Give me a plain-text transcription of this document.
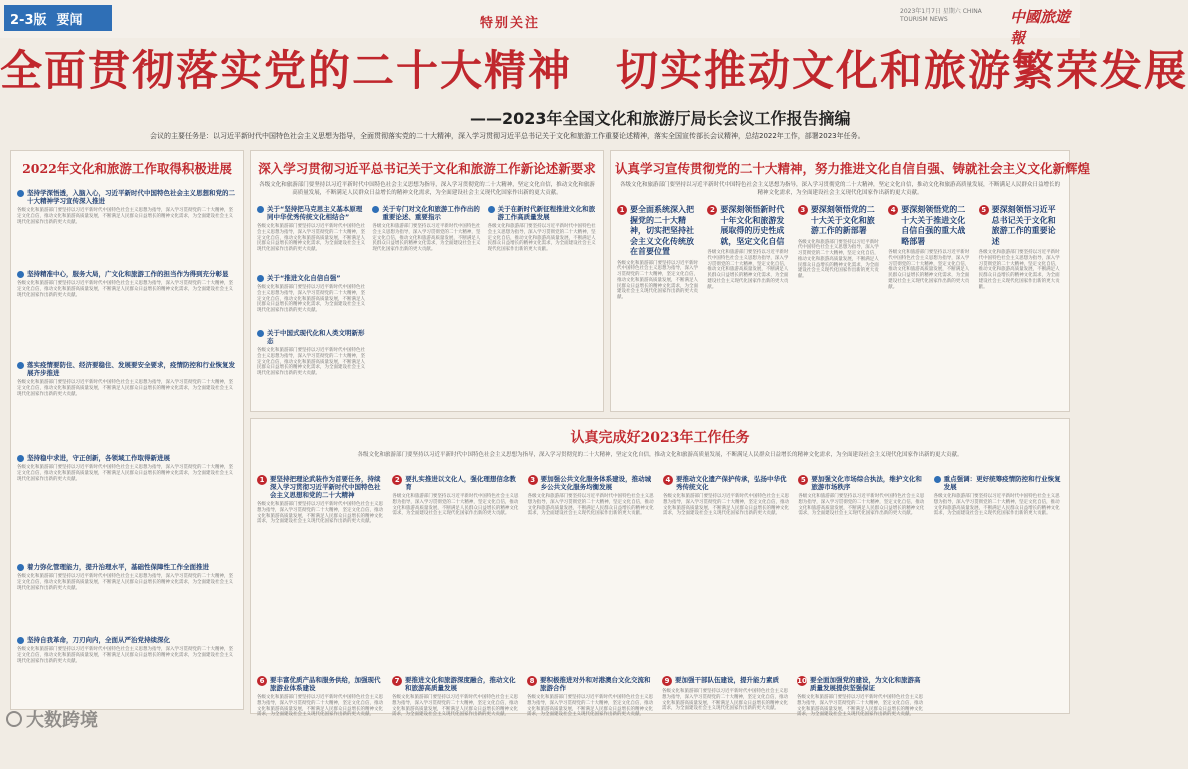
2-3版 要闻	特别关注
2023年1月7日 星期六 CHINA TOURISM NEWS	中國旅遊報
全面贯彻落实党的二十大精神　切实推动文化和旅游繁荣发展
——2023年全国文化和旅游厅局长会议工作报告摘编
会议的主要任务是：以习近平新时代中国特色社会主义思想为指导，全面贯彻落实党的二十大精神，深入学习贯彻习近平总书记关于文化和旅游工作重要论述精神，落实全国宣传部长会议精神，总结2022年工作，部署2023年任务。
2022年文化和旅游工作取得积极进展
坚持学深悟透，入脑入心，习近平新时代中国特色社会主义思想和党的二十大精神学习宣传深入推进
各级文化和旅游部门要坚持以习近平新时代中国特色社会主义思想为指导，深入学习贯彻党的二十大精神，坚定文化自信，推动文化和旅游高质量发展，不断满足人民群众日益增长的精神文化需求，为全面建设社会主义现代化国家作出新的更大贡献。
坚持精准中心，服务大局，广文化和旅游工作的担当作为得到充分彰显
各级文化和旅游部门要坚持以习近平新时代中国特色社会主义思想为指导，深入学习贯彻党的二十大精神，坚定文化自信，推动文化和旅游高质量发展，不断满足人民群众日益增长的精神文化需求，为全面建设社会主义现代化国家作出新的更大贡献。
落实疫情要防住、经济要稳住、发展要安全要求，疫情防控和行业恢复发展齐步推进
各级文化和旅游部门要坚持以习近平新时代中国特色社会主义思想为指导，深入学习贯彻党的二十大精神，坚定文化自信，推动文化和旅游高质量发展，不断满足人民群众日益增长的精神文化需求，为全面建设社会主义现代化国家作出新的更大贡献。
坚持稳中求进，守正创新，各领域工作取得新进展
各级文化和旅游部门要坚持以习近平新时代中国特色社会主义思想为指导，深入学习贯彻党的二十大精神，坚定文化自信，推动文化和旅游高质量发展，不断满足人民群众日益增长的精神文化需求，为全面建设社会主义现代化国家作出新的更大贡献。
着力弥化管理能力，提升治理水平，基础性保障性工作全面推进
各级文化和旅游部门要坚持以习近平新时代中国特色社会主义思想为指导，深入学习贯彻党的二十大精神，坚定文化自信，推动文化和旅游高质量发展，不断满足人民群众日益增长的精神文化需求，为全面建设社会主义现代化国家作出新的更大贡献。
坚持自我革命，刀刃向内，全面从严治党持续深化
各级文化和旅游部门要坚持以习近平新时代中国特色社会主义思想为指导，深入学习贯彻党的二十大精神，坚定文化自信，推动文化和旅游高质量发展，不断满足人民群众日益增长的精神文化需求，为全面建设社会主义现代化国家作出新的更大贡献。
深入学习贯彻习近平总书记关于文化和旅游工作新论述新要求
各级文化和旅游部门要坚持以习近平新时代中国特色社会主义思想为指导，深入学习贯彻党的二十大精神，坚定文化自信，推动文化和旅游高质量发展，不断满足人民群众日益增长的精神文化需求，为全面建设社会主义现代化国家作出新的更大贡献。
关于“坚持把马克思主义基本原理同中华优秀传统文化相结合”
各级文化和旅游部门要坚持以习近平新时代中国特色社会主义思想为指导，深入学习贯彻党的二十大精神，坚定文化自信，推动文化和旅游高质量发展，不断满足人民群众日益增长的精神文化需求，为全面建设社会主义现代化国家作出新的更大贡献。
关于“推进文化自信自强”
各级文化和旅游部门要坚持以习近平新时代中国特色社会主义思想为指导，深入学习贯彻党的二十大精神，坚定文化自信，推动文化和旅游高质量发展，不断满足人民群众日益增长的精神文化需求，为全面建设社会主义现代化国家作出新的更大贡献。
关于中国式现代化和人类文明新形态
各级文化和旅游部门要坚持以习近平新时代中国特色社会主义思想为指导，深入学习贯彻党的二十大精神，坚定文化自信，推动文化和旅游高质量发展，不断满足人民群众日益增长的精神文化需求，为全面建设社会主义现代化国家作出新的更大贡献。
关于专门对文化和旅游工作作出的重要论述、重要指示
各级文化和旅游部门要坚持以习近平新时代中国特色社会主义思想为指导，深入学习贯彻党的二十大精神，坚定文化自信，推动文化和旅游高质量发展，不断满足人民群众日益增长的精神文化需求，为全面建设社会主义现代化国家作出新的更大贡献。
关于在新时代新征程推进文化和旅游工作高质量发展
各级文化和旅游部门要坚持以习近平新时代中国特色社会主义思想为指导，深入学习贯彻党的二十大精神，坚定文化自信，推动文化和旅游高质量发展，不断满足人民群众日益增长的精神文化需求，为全面建设社会主义现代化国家作出新的更大贡献。
认真学习宣传贯彻党的二十大精神，努力推进文化自信自强、铸就社会主义文化新辉煌
各级文化和旅游部门要坚持以习近平新时代中国特色社会主义思想为指导，深入学习贯彻党的二十大精神，坚定文化自信，推动文化和旅游高质量发展，不断满足人民群众日益增长的精神文化需求，为全面建设社会主义现代化国家作出新的更大贡献。
1 要全面系统深入把握党的二十大精神，切实把坚持社会主义文化传统放在首要位置
各级文化和旅游部门要坚持以习近平新时代中国特色社会主义思想为指导，深入学习贯彻党的二十大精神，坚定文化自信，推动文化和旅游高质量发展，不断满足人民群众日益增长的精神文化需求，为全面建设社会主义现代化国家作出新的更大贡献。
2 要深刻领悟新时代十年文化和旅游发展取得的历史性成就，坚定文化自信
各级文化和旅游部门要坚持以习近平新时代中国特色社会主义思想为指导，深入学习贯彻党的二十大精神，坚定文化自信，推动文化和旅游高质量发展，不断满足人民群众日益增长的精神文化需求，为全面建设社会主义现代化国家作出新的更大贡献。
3 要深刻领悟党的二十大关于文化和旅游工作的新部署
各级文化和旅游部门要坚持以习近平新时代中国特色社会主义思想为指导，深入学习贯彻党的二十大精神，坚定文化自信，推动文化和旅游高质量发展，不断满足人民群众日益增长的精神文化需求，为全面建设社会主义现代化国家作出新的更大贡献。
4 要深刻领悟党的二十大关于推进文化自信自强的重大战略部署
各级文化和旅游部门要坚持以习近平新时代中国特色社会主义思想为指导，深入学习贯彻党的二十大精神，坚定文化自信，推动文化和旅游高质量发展，不断满足人民群众日益增长的精神文化需求，为全面建设社会主义现代化国家作出新的更大贡献。
5 要深刻领悟习近平总书记关于文化和旅游工作的重要论述
各级文化和旅游部门要坚持以习近平新时代中国特色社会主义思想为指导，深入学习贯彻党的二十大精神，坚定文化自信，推动文化和旅游高质量发展，不断满足人民群众日益增长的精神文化需求，为全面建设社会主义现代化国家作出新的更大贡献。
认真完成好2023年工作任务
各级文化和旅游部门要坚持以习近平新时代中国特色社会主义思想为指导，深入学习贯彻党的二十大精神，坚定文化自信，推动文化和旅游高质量发展，不断满足人民群众日益增长的精神文化需求，为全面建设社会主义现代化国家作出新的更大贡献。
1 要坚持把理论武装作为首要任务，持续深入学习贯彻习近平新时代中国特色社会主义思想和党的二十大精神
各级文化和旅游部门要坚持以习近平新时代中国特色社会主义思想为指导，深入学习贯彻党的二十大精神，坚定文化自信，推动文化和旅游高质量发展，不断满足人民群众日益增长的精神文化需求，为全面建设社会主义现代化国家作出新的更大贡献。
2 要扎实推进以文化人，强化理想信念教育
各级文化和旅游部门要坚持以习近平新时代中国特色社会主义思想为指导，深入学习贯彻党的二十大精神，坚定文化自信，推动文化和旅游高质量发展，不断满足人民群众日益增长的精神文化需求，为全面建设社会主义现代化国家作出新的更大贡献。
3 要加强公共文化服务体系建设，推动城乡公共文化服务均衡发展
各级文化和旅游部门要坚持以习近平新时代中国特色社会主义思想为指导，深入学习贯彻党的二十大精神，坚定文化自信，推动文化和旅游高质量发展，不断满足人民群众日益增长的精神文化需求，为全面建设社会主义现代化国家作出新的更大贡献。
4 要推动文化遗产保护传承，弘扬中华优秀传统文化
各级文化和旅游部门要坚持以习近平新时代中国特色社会主义思想为指导，深入学习贯彻党的二十大精神，坚定文化自信，推动文化和旅游高质量发展，不断满足人民群众日益增长的精神文化需求，为全面建设社会主义现代化国家作出新的更大贡献。
5 要加强文化市场综合执法，维护文化和旅游市场秩序
各级文化和旅游部门要坚持以习近平新时代中国特色社会主义思想为指导，深入学习贯彻党的二十大精神，坚定文化自信，推动文化和旅游高质量发展，不断满足人民群众日益增长的精神文化需求，为全面建设社会主义现代化国家作出新的更大贡献。
重点强调：更好统筹疫情防控和行业恢复发展
各级文化和旅游部门要坚持以习近平新时代中国特色社会主义思想为指导，深入学习贯彻党的二十大精神，坚定文化自信，推动文化和旅游高质量发展，不断满足人民群众日益增长的精神文化需求，为全面建设社会主义现代化国家作出新的更大贡献。
6 要丰富优质产品和服务供给，加强现代旅游业体系建设
各级文化和旅游部门要坚持以习近平新时代中国特色社会主义思想为指导，深入学习贯彻党的二十大精神，坚定文化自信，推动文化和旅游高质量发展，不断满足人民群众日益增长的精神文化需求，为全面建设社会主义现代化国家作出新的更大贡献。
7 要推进文化和旅游深度融合，推动文化和旅游高质量发展
各级文化和旅游部门要坚持以习近平新时代中国特色社会主义思想为指导，深入学习贯彻党的二十大精神，坚定文化自信，推动文化和旅游高质量发展，不断满足人民群众日益增长的精神文化需求，为全面建设社会主义现代化国家作出新的更大贡献。
8 要积极推进对外和对港澳台文化交流和旅游合作
各级文化和旅游部门要坚持以习近平新时代中国特色社会主义思想为指导，深入学习贯彻党的二十大精神，坚定文化自信，推动文化和旅游高质量发展，不断满足人民群众日益增长的精神文化需求，为全面建设社会主义现代化国家作出新的更大贡献。
9 要加强干部队伍建设，提升能力素质
各级文化和旅游部门要坚持以习近平新时代中国特色社会主义思想为指导，深入学习贯彻党的二十大精神，坚定文化自信，推动文化和旅游高质量发展，不断满足人民群众日益增长的精神文化需求，为全面建设社会主义现代化国家作出新的更大贡献。
10 要全面加强党的建设，为文化和旅游高质量发展提供坚强保证
各级文化和旅游部门要坚持以习近平新时代中国特色社会主义思想为指导，深入学习贯彻党的二十大精神，坚定文化自信，推动文化和旅游高质量发展，不断满足人民群众日益增长的精神文化需求，为全面建设社会主义现代化国家作出新的更大贡献。
大数跨境
